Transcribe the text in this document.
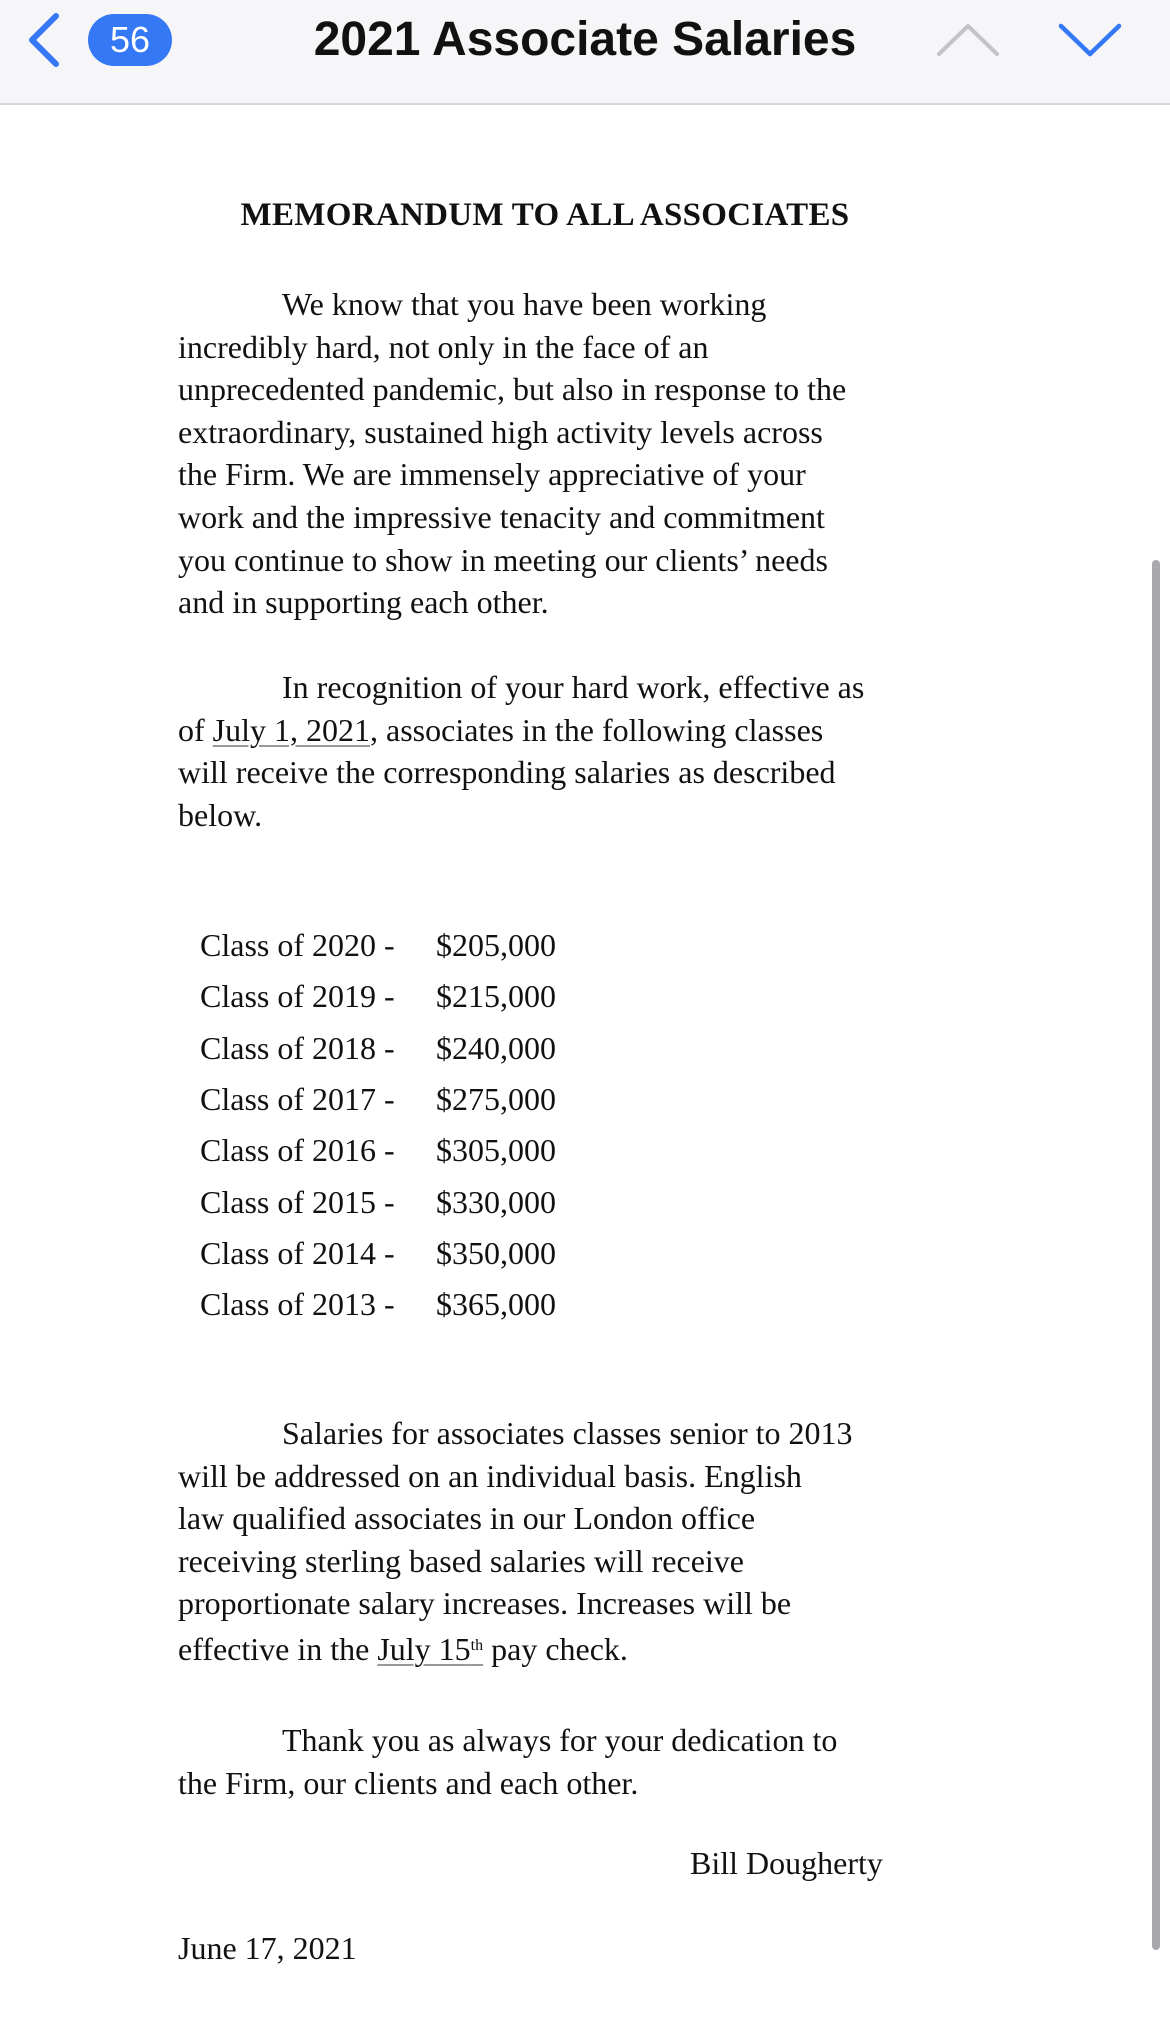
56	2021 Associate Salaries
MEMORANDUM TO ALL ASSOCIATES
We know that you have been working
incredibly hard, not only in the face of an
unprecedented pandemic, but also in response to the
extraordinary, sustained high activity levels across
the Firm. We are immensely appreciative of your
work and the impressive tenacity and commitment
you continue to show in meeting our clients’ needs
and in supporting each other.
In recognition of your hard work, effective as
of July 1, 2021, associates in the following classes
will receive the corresponding salaries as described
below.
Class of 2020 -	$205,000
Class of 2019 -	$215,000
Class of 2018 -	$240,000
Class of 2017 -	$275,000
Class of 2016 -	$305,000
Class of 2015 -	$330,000
Class of 2014 -	$350,000
Class of 2013 -	$365,000
Salaries for associates classes senior to 2013
will be addressed on an individual basis. English
law qualified associates in our London office
receiving sterling based salaries will receive
proportionate salary increases. Increases will be
effective in the July 15th pay check.
Thank you as always for your dedication to
the Firm, our clients and each other.
Bill Dougherty
June 17, 2021
